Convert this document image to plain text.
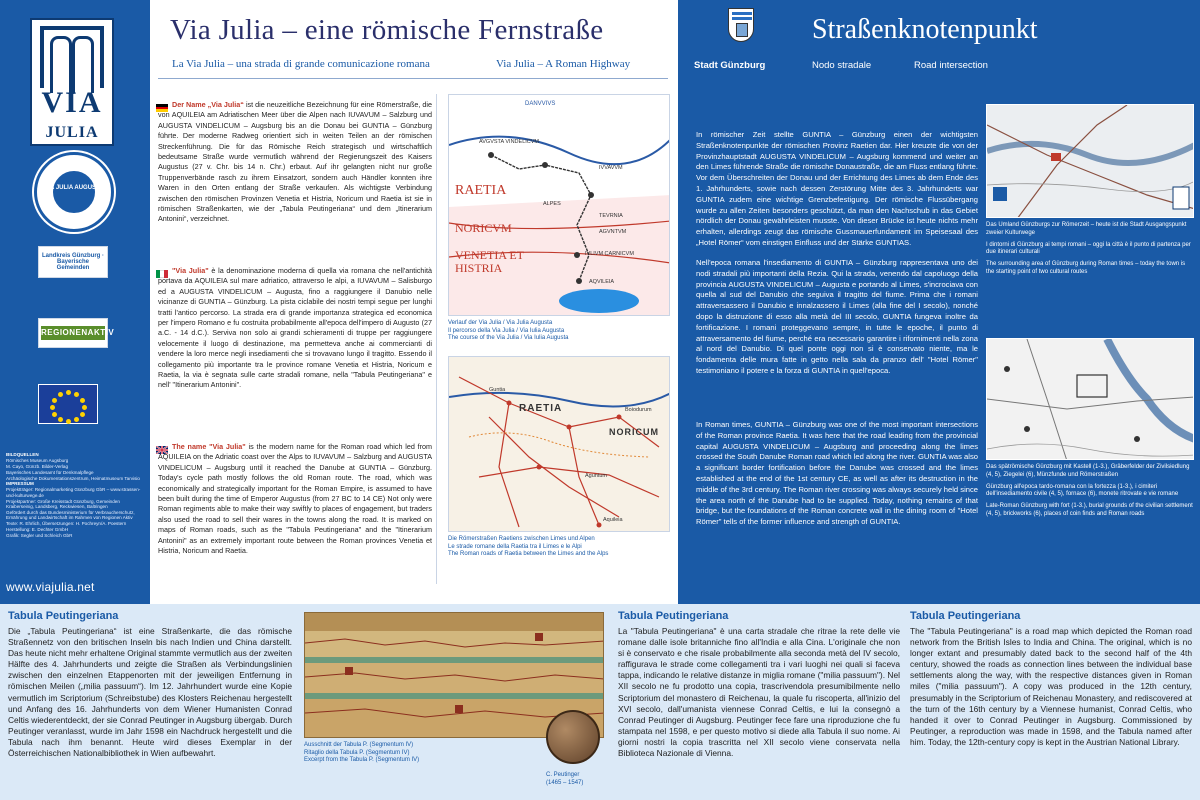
VIA
JULIA
VIA JULIA AUGUSTA
Landkreis Günzburg · Bayerische Gemeinden
REGIONENAKTIV

BILDQUELLEN

Römisches Museum Augsburg

M. Cayo, Günzb. Bilder-Verlag

Bayerisches Landesamt für Denkmalpflege

Archäologische Dokumentationszentrum, Heimatmuseum Tarvisio

IMPRESSUM

Projektträger: Regionalmarketing Günzburg GbR – www.strassen-und-kulturwege.de

Projektpartner: Große Kreisstadt Günzburg, Gemeinden Kraiberseinig, Landsberg, Reckwiesen, Baltringen

Gefördert durch das Bundesministerium für Verbraucherschutz, Ernährung und Landwirtschaft im Rahmen von Regionen Aktiv

Texte: R. Ehrlich, Übersetzungen: H. Pochreyn/A. Poestern

Herstellung: E. Dechter GmbH

Grafik: Segler und Schleich GbR

www.viajulia.net
Via Julia – eine römische Fernstraße
La Via Julia – una strada di grande comunicazione romana	Via Julia – A Roman Highway
Der Name „Via Julia“ ist die neuzeitliche Bezeichnung für eine Römerstraße, die von AQUILEIA am Adriatischen Meer über die Alpen nach IUVAVUM – Salzburg und AUGUSTA VINDELICUM – Augsburg bis an die Donau bei GUNTIA – Günzburg führte. Der moderne Radweg orientiert sich in weiten Teilen an der römischen Streckenführung. Die für das Römische Reich strategisch und wirtschaftlich bedeutsame Straße wurde vermutlich während der Regierungszeit des Kaisers Augustus (27 v. Chr. bis 14 n. Chr.) erbaut. Auf ihr gelangten nicht nur große Truppenverbände rasch zu ihrem Einsatzort, sondern auch Händler konnten ihre Waren in den Orten entlang der Straße verkaufen. Als wichtigste Verbindung zwischen den römischen Provinzen Venetia et Histria, Noricum und Raetia ist sie in römischen Straßenkarten, wie der „Tabula Peutingeriana“ und dem „Itinerarium Antonini“, verzeichnet.
"Via Julia" è la denominazione moderna di quella via romana che nell'antichità portava da AQUILEIA sul mare adriatico, attraverso le alpi, a IUVAVUM – Salisburgo ed a AUGUSTA VINDELICUM – Augusta, fino a raggiungere il Danubio nelle vicinanze di GUNTIA – Günzburg. La pista ciclabile dei nostri tempi segue per lunghi tratti l'antico percorso. La strada era di grande importanza strategica ed economica per l'impero Romano e fu costruita probabilmente all'epoca dell'impero di Augusto (27 a.C. - 14 d.C.). Serviva non solo ai grandi schieramenti di truppe per raggiungere velocemente il luogo di destinazione, ma permetteva anche ai commercianti di vendere la loro merce negli insediamenti che si trovavano lungo il tragitto. Essendo il collegamento più importante tra le province romane Venetia et Histria, Noricum e Raetia, la via è segnata sulle carte stradali romane, nella "Tabula Peutingeriana" e nell' "Itinerarium Antonini".
The name "Via Julia" is the modern name for the Roman road which led from AQUILEIA on the Adriatic coast over the Alps to IUVAVUM – Salzburg and AUGUSTA VINDELICUM – Augsburg until it reached the Danube at GUNTIA – Günzburg. Today's cycle path mostly follows the old Roman route. The road, which was economically and strategically important for the Roman Empire, is assumed to have been built during the time of Emperor Augustus (from 27 BC to 14 CE) Not only were Roman regiments able to make their way swiftly to places of engagement, but traders also used the road to sell their wares in the towns along the road. It is marked on maps of Roman roads, such as the "Tabula Peutingeriana" and the "Itinerarium Antonini" as an extremely important route between the Roman provinces Venetia et Histria, Noricum and Raetia.
DANVVIVS
AVGVSTA VINDELICVM
IVVAVVM
RAETIA
NORICVM
VENETIA ET HISTRIA
ALPES
TEVRNIA
AGVNTVM
IVLIVM CARNICVM
AQVILEIA
Verlauf der Via Julia / Via Julia Augusta
Il percorso della Via Julia / Via Iulia Augusta
The course of the Via Julia / Via Iulia Augusta
RAETIA
NORICUM
Guntia
Boiodurum
Aquileia
Aguntum
Die Römerstraßen Raetiens zwischen Limes und Alpen
Le strade romane della Raetia tra il Limes e le Alpi
The Roman roads of Raetia between the Limes and the Alps
Straßenknotenpunkt
Stadt Günzburg	Nodo stradale	Road intersection
In römischer Zeit stellte GUNTIA – Günzburg einen der wichtigsten Straßenknotenpunkte der römischen Provinz Raetien dar. Hier kreuzte die von der Provinzhauptstadt AUGUSTA VINDELICUM – Augsburg kommend und weiter an den Limes führende Straße die römische Donaustraße, die am Fluss entlang führte. Vor dem Überschreiten der Donau und der Errichtung des Limes ab dem Ende des 1. Jahrhunderts, sowie nach dessen Zerstörung Mitte des 3. Jahrhunderts war GUNTIA zudem eine wichtige Grenzbefestigung. Der römische Flussübergang wurde zu allen Zeiten besonders geschützt, da man den Nachschub in das Gebiet nördlich der Donau gewährleisten musste. Von dieser Brücke ist heute nichts mehr erhalten, allerdings zeugt das römische Gussmauerfundament im Speisesaal des „Hotel Römer“ vom einstigen Einfluss und der Stärke GUNTIAS.
Nell'epoca romana l'insediamento di GUNTIA – Günzburg rappresentava uno dei nodi stradali più importanti della Rezia. Qui la strada, venendo dal capoluogo della provincia AUGUSTA VINDELICUM – Augusta e portando al Limes, s'incrociava con quella al sud del Danubio che seguiva il tragitto del fiume. Prima che i romani attraversassero il Danubio e innalzassero il Limes (alla fine del I secolo), nonché dopo la distruzione di esso alla metà del III secolo, GUNTIA fungeva inoltre da fortificazione. I romani proteggevano sempre, in tutte le epoche, il punto di attraversamento del fiume, perché era necessario garantire i rifornimenti nella zona al nord del Danubio. Di quel ponte oggi non si è conservato niente, ma le fondamenta delle mura fatte in getto nella sala da pranzo dell' "Hotel Römer" testimoniano il potere e la forza di GUNTIA in quell'epoca.
In Roman times, GUNTIA – Günzburg was one of the most important intersections of the Roman province Raetia. It was here that the road leading from the provincial capital AUGUSTA VINDELICUM – Augsburg and proceeding along the limes crossed the South Danube Roman road which led along the river. GUNTIA was also a significant border fortification before the Danube was crossed and the limes established at the end of the 1st century CE, as well as after its destruction in the middle of the 3rd century. The Roman river crossing was always securely held since the area north of the Danube had to be supplied. Today, nothing remains of that bridge, but the foundations of the Roman concrete wall in the dining room of "Hotel Römer" tells of the former influence and strength of GUNTIA.

Das Umland Günzburgs zur Römerzeit – heute ist die Stadt Ausgangspunkt zweier Kulturwege

I dintorni di Günzburg ai tempi romani – oggi la città è il punto di partenza per due itinerari culturali

The surrounding area of Günzburg during Roman times – today the town is the starting point of two cultural routes

Das spätrömische Günzburg mit Kastell (1-3.), Gräberfelder der Zivilsiedlung (4, 5), Ziegelei (6), Münzfunde und Römerstraßen

Günzburg all'epoca tardo-romana con la fortezza (1-3.), i cimiteri dell'insediamento civile (4, 5), fornace (6), monete ritrovate e vie romane

Late-Roman Günzburg with fort (1-3.), burial grounds of the civilian settlement (4, 5), brickworks (6), places of coin finds and Roman roads

Tabula Peutingeriana
Die „Tabula Peutingeriana“ ist eine Straßenkarte, die das römische Straßennetz von den britischen Inseln bis nach Indien und China darstellt. Das heute nicht mehr erhaltene Original stammte vermutlich aus der zweiten Hälfte des 4. Jahrhunderts und zeigte die Straßen als Verbindungslinien zwischen den einzelnen Etappenorten mit der jeweiligen Entfernung in römischen Meilen („milia passuum“). Im 12. Jahrhundert wurde eine Kopie vermutlich im Scriptorium (Schreibstube) des Klosters Reichenau hergestellt und Anfang des 16. Jahrhunderts von dem Wiener Humanisten Conrad Celtis wiederentdeckt, der sie Conrad Peutinger in Augsburg übergab. Durch Peutinger veranlasst, wurde im Jahr 1598 ein Nachdruck hergestellt und die Tabula nach ihm benannt. Heute wird dieses Exemplar in der Österreichischen Nationalbibliothek in Wien aufbewahrt.
Ausschnitt der Tabula P. (Segmentum IV)
Ritaglio della Tabula P. (Segmentum IV)
Excerpt from the Tabula P. (Segmentum IV)
C. Peutinger
(1465 – 1547)
Tabula Peutingeriana
La "Tabula Peutingeriana" è una carta stradale che ritrae la rete delle vie romane dalle isole britanniche fino all'India e alla Cina. L'originale che non si è conservato e che risale probabilmente alla seconda metà del IV secolo, raffigurava le strade come collegamenti tra i vari luoghi nei quali si faceva tappa, indicando le relative distanze in miglia romane ("milia passuum"). Nel XII secolo ne fu prodotto una copia, trascrivendola presumibilmente nello Scriptorium del monastero di Reichenau, la quale fu riscoperta, all'inizio del XVI secolo, dall'umanista viennese Conrad Celtis, e lui la consegnò a Conrad Peutinger di Augsburg. Peutinger fece fare una riproduzione che fu stampata nel 1598, e per questo motivo si diede alla Tabula il suo nome. Ai giorni nostri la copia trascritta nel XII secolo viene conservata nella Biblioteca Nazionale di Vienna.
Tabula Peutingeriana
The "Tabula Peutingeriana" is a road map which depicted the Roman road network from the British Isles to India and China. The original, which is no longer extant and presumably dated back to the second half of the 4th century, showed the roads as connection lines between the individual base settlements along the way, with the respective distances given in Roman miles ("milia passuum"). A copy was produced in the 12th century, presumably in the Scriptorium of Reichenau Monastery, and rediscovered at the turn of the 16th century by a Viennese humanist, Conrad Celtis, who handed it over to Conrad Peutinger in Augsburg. Commissioned by Peutinger, a reproduction was made in 1598, and the Tabula named after him. Today, the 12th-century copy is kept in the Austrian National Library.
